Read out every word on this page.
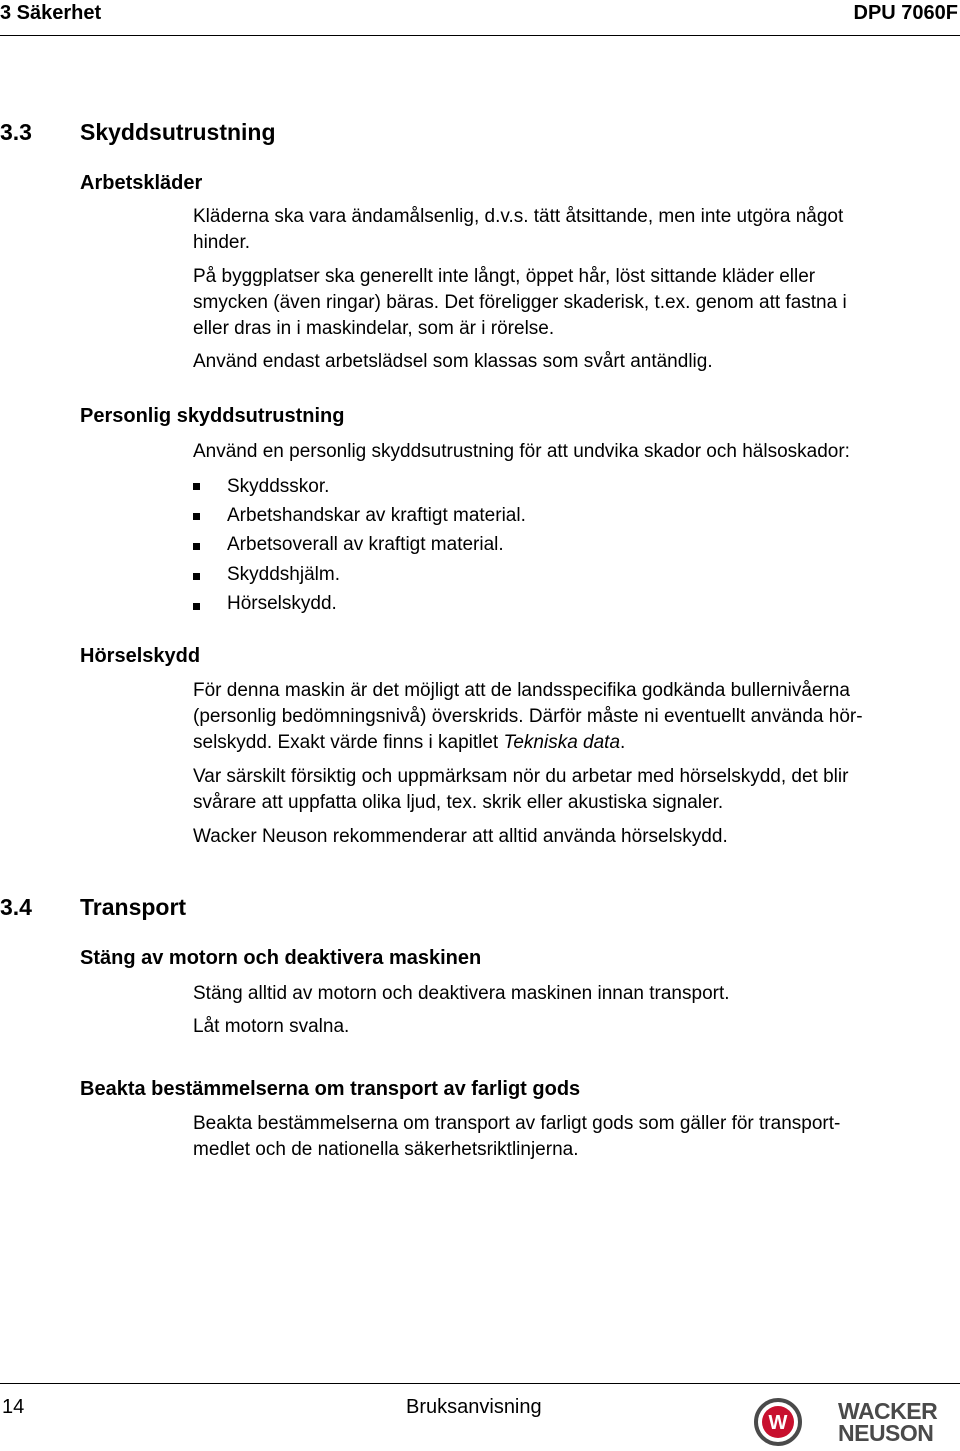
3 Säkerhet	DPU 7060F
3.3 Skyddsutrustning
Arbetskläder
Kläderna ska vara ändamålsenlig, d.v.s. tätt åtsittande, men inte utgöra något
hinder.
På byggplatser ska generellt inte långt, öppet hår, löst sittande kläder eller
smycken (även ringar) bäras. Det föreligger skaderisk, t.ex. genom att fastna i
eller dras in i maskindelar, som är i rörelse.
Använd endast arbetslädsel som klassas som svårt antändlig.
Personlig skyddsutrustning
Använd en personlig skyddsutrustning för att undvika skador och hälsoskador:
Skyddsskor.
Arbetshandskar av kraftigt material.
Arbetsoverall av kraftigt material.
Skyddshjälm.
Hörselskydd.
Hörselskydd
För denna maskin är det möjligt att de landsspecifika godkända bullernivåerna
(personlig bedömningsnivå) överskrids. Därför måste ni eventuellt använda hör-
selskydd. Exakt värde finns i kapitlet Tekniska data.
Var särskilt försiktig och uppmärksam nör du arbetar med hörselskydd, det blir
svårare att uppfatta olika ljud, tex. skrik eller akustiska signaler.
Wacker Neuson rekommenderar att alltid använda hörselskydd.
3.4 Transport
Stäng av motorn och deaktivera maskinen
Stäng alltid av motorn och deaktivera maskinen innan transport.
Låt motorn svalna.
Beakta bestämmelserna om transport av farligt gods
Beakta bestämmelserna om transport av farligt gods som gäller för transport-
medlet och de nationella säkerhetsriktlinjerna.
14	Bruksanvisning
W WACKER
NEUSON
